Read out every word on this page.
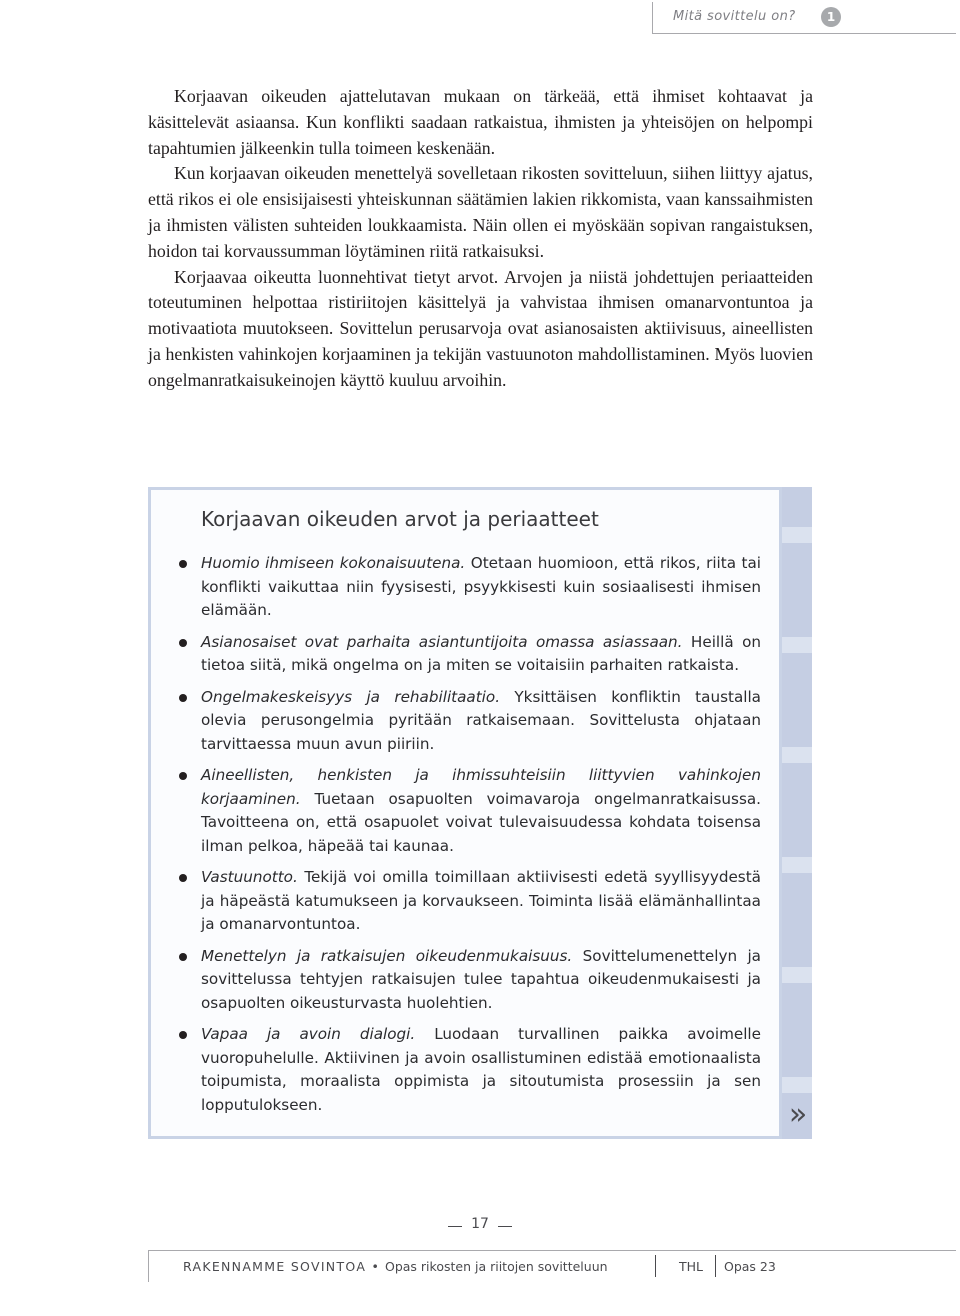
Mitä sovittelu on?	1

Korjaavan oikeuden ajattelutavan mukaan on tärkeää, että ihmiset kohtaavat ja käsittelevät asiaansa. Kun konflikti saadaan ratkaistua, ihmisten ja yhteisöjen on helpompi tapahtumien jälkeenkin tulla toimeen keskenään.

Kun korjaavan oikeuden menettelyä sovelletaan rikosten sovitteluun, siihen liittyy ajatus, että rikos ei ole ensisijaisesti yhteiskunnan säätämien lakien rikkomista, vaan kanssaihmisten ja ihmisten välisten suhteiden loukkaamista. Näin ollen ei myöskään sopivan rangaistuksen, hoidon tai korvaussumman löytäminen riitä ratkaisuksi.

Korjaavaa oikeutta luonnehtivat tietyt arvot. Arvojen ja niistä johdettujen periaatteiden toteutuminen helpottaa ristiriitojen käsittelyä ja vahvistaa ihmisen omanarvontuntoa ja motivaatiota muutokseen. Sovittelun perusarvoja ovat asianosaisten aktiivisuus, aineellisten ja henkisten vahinkojen korjaaminen ja tekijän vastuunoton mahdollistaminen. Myös luovien ongelmanratkaisukeinojen käyttö kuuluu arvoihin.

Korjaavan oikeuden arvot ja periaatteet
Huomio ihmiseen kokonaisuutena. Otetaan huomioon, että rikos, riita tai konflikti vaikuttaa niin fyysisesti, psyykkisesti kuin sosiaalisesti ihmisen elämään.
Asianosaiset ovat parhaita asiantuntijoita omassa asiassaan. Heillä on tietoa siitä, mikä ongelma on ja miten se voitaisiin parhaiten ratkaista.
Ongelmakeskeisyys ja rehabilitaatio. Yksittäisen konfliktin taustalla olevia perusongelmia pyritään ratkaisemaan. Sovittelusta ohjataan tarvittaessa muun avun piiriin.
Aineellisten, henkisten ja ihmissuhteisiin liittyvien vahinkojen korjaaminen. Tuetaan osapuolten voimavaroja ongelmanratkaisussa. Tavoitteena on, että osapuolet voivat tulevaisuudessa kohdata toisensa ilman pelkoa, häpeää tai kaunaa.
Vastuunotto. Tekijä voi omilla toimillaan aktiivisesti edetä syyllisyydestä ja häpeästä katumukseen ja korvaukseen. Toiminta lisää elämänhallintaa ja omanarvontuntoa.
Menettelyn ja ratkaisujen oikeudenmukaisuus. Sovittelumenettelyn ja sovittelussa tehtyjen ratkaisujen tulee tapahtua oikeudenmukaisesti ja osapuolten oikeusturvasta huolehtien.
Vapaa ja avoin dialogi. Luodaan turvallinen paikka avoimelle vuoropuhelulle. Aktiivinen ja avoin osallistuminen edistää emotionaalista toipumista, moraalista oppimista ja sitoutumista prosessiin ja sen lopputulokseen.	»
17
RAKENNAMME SOVINTOA • Opas rikosten ja riitojen sovitteluun	THL Opas 23
